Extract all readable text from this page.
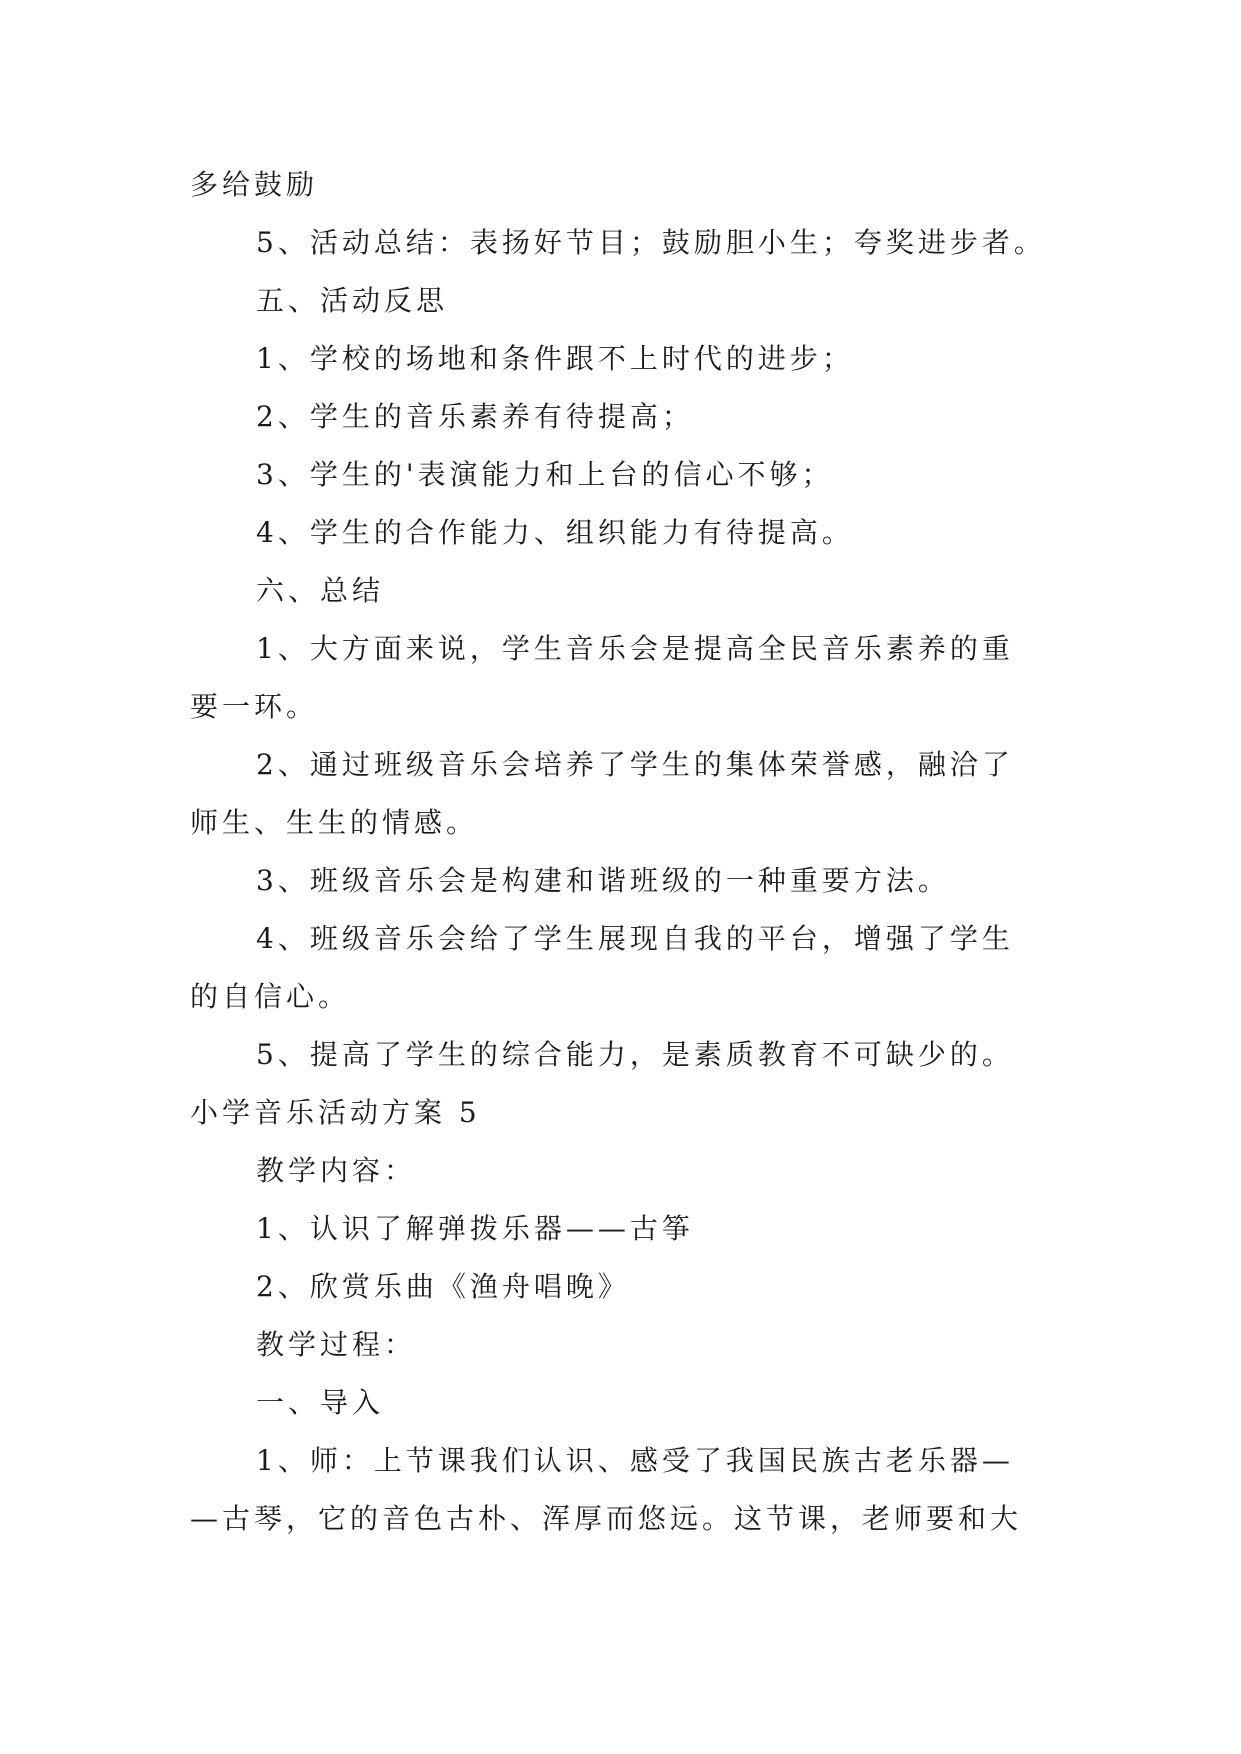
多给鼓励
5、活动总结：表扬好节目；鼓励胆小生；夸奖进步者。
五、活动反思
1、学校的场地和条件跟不上时代的进步；
2、学生的音乐素养有待提高；
3、学生的'表演能力和上台的信心不够；
4、学生的合作能力、组织能力有待提高。
六、总结
1、大方面来说，学生音乐会是提高全民音乐素养的重
要一环。
2、通过班级音乐会培养了学生的集体荣誉感，融洽了
师生、生生的情感。
3、班级音乐会是构建和谐班级的一种重要方法。
4、班级音乐会给了学生展现自我的平台，增强了学生
的自信心。
5、提高了学生的综合能力，是素质教育不可缺少的。
小学音乐活动方案 5
教学内容：
1、认识了解弹拨乐器——古筝
2、欣赏乐曲《渔舟唱晚》
教学过程：
一、导入
1、师：上节课我们认识、感受了我国民族古老乐器—
—古琴，它的音色古朴、浑厚而悠远。这节课，老师要和大
